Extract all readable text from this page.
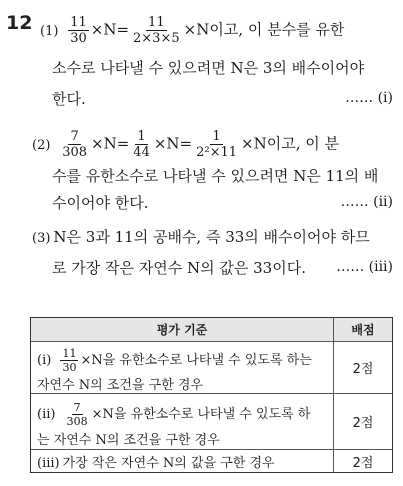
12 $(1) \frac{11}{30} \times N= \frac{11}{2\times 3\times 5} \times N$이고, 이 분수를 유한
소수로 나타낼 수 있으려면 N은 3의 배수이어야
한다.	…… (i)
$(2) \frac{7}{308} \times N= \frac{1}{44} \times N= \frac{1}{\text{2²×11}} \times N$이고, 이 분
수를 유한소수로 나타낼 수 있으려면 N은 11의 배
수이어야 한다.	…… (ii)
(3) N은 3과 11의 공배수, 즉 33의 배수이어야 하므
로 가장 작은 자연수 N의 값은 33이다. …… (iii)
평가 기준	배점
$(i) \frac{11}{30} \times N$을 유한소수로 나타낼 수 있도록 하는
자연수 N의 조건을 구한 경우
2점
$(ii) \frac{7}{308} \times N$을 유한소수로 나타낼 수 있도록 하
는 자연수 N의 조건을 구한 경우
2점
(iii) 가장 작은 자연수 N의 값을 구한 경우	2점
